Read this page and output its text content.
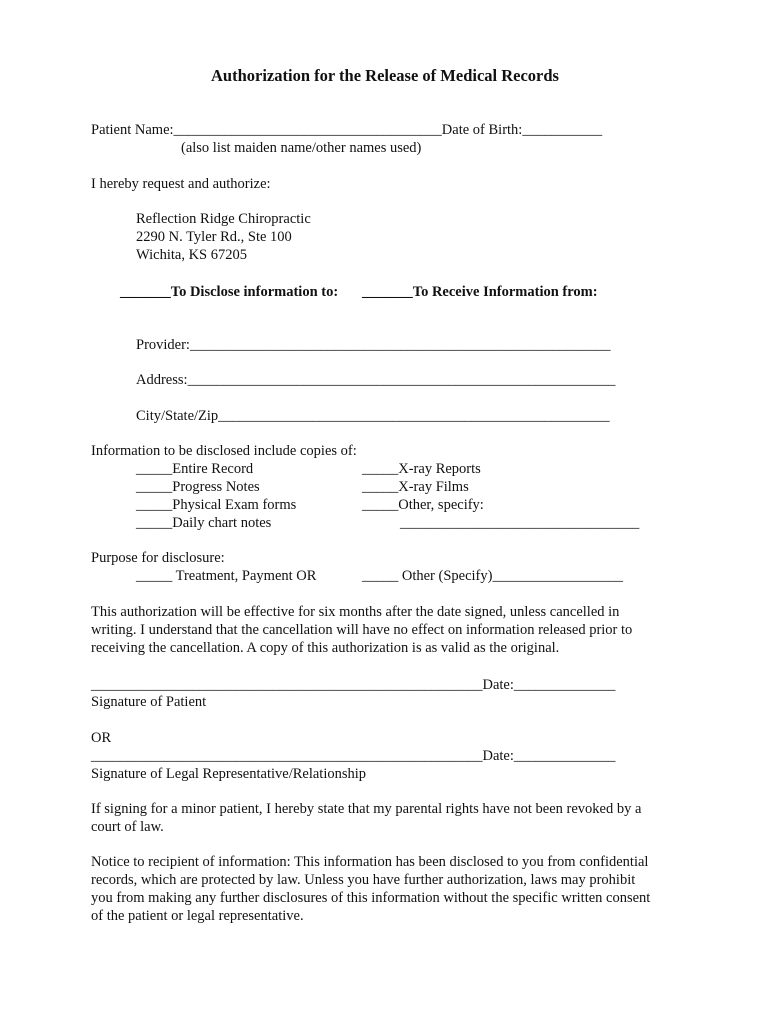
Authorization for the Release of Medical Records
Patient Name:_____________________________________Date of Birth:___________
(also list maiden name/other names used)
I hereby request and authorize:
Reflection Ridge Chiropractic
2290 N. Tyler Rd., Ste 100
Wichita, KS 67205
_______To Disclose information to: _______To Receive Information from:
Provider:__________________________________________________________
Address:___________________________________________________________
City/State/Zip______________________________________________________
Information to be disclosed include copies of:
_____Entire Record
_____Progress Notes
_____Physical Exam forms
_____Daily chart notes
_____X-ray Reports
_____X-ray Films
_____Other, specify:
_________________________________
Purpose for disclosure:
_____ Treatment, Payment OR	_____ Other (Specify)__________________
This authorization will be effective for six months after the date signed, unless cancelled in
writing. I understand that the cancellation will have no effect on information released prior to
receiving the cancellation. A copy of this authorization is as valid as the original.
______________________________________________________Date:______________
Signature of Patient
OR
______________________________________________________Date:______________
Signature of Legal Representative/Relationship
If signing for a minor patient, I hereby state that my parental rights have not been revoked by a
court of law.
Notice to recipient of information: This information has been disclosed to you from confidential
records, which are protected by law. Unless you have further authorization, laws may prohibit
you from making any further disclosures of this information without the specific written consent
of the patient or legal representative.
